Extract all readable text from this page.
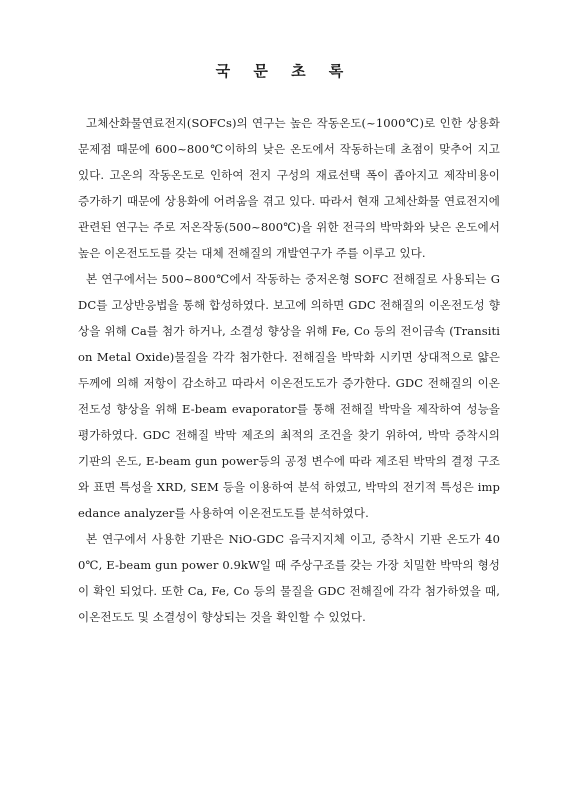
국 문 초 록

고체산화물연료전지(SOFCs)의 연구는 높은 작동온도(~1000℃)로 인한 상용화 문제점 때문에 600~800℃이하의 낮은 온도에서 작동하는데 초점이 맞추어 지고 있다. 고온의 작동온도로 인하여 전지 구성의 재료선택 폭이 좁아지고 제작비용이 증가하기 때문에 상용화에 어려움을 겪고 있다. 따라서 현재 고체산화물 연료전지에 관련된 연구는 주로 저온작동(500~800℃)을 위한 전극의 박막화와 낮은 온도에서 높은 이온전도도를 갖는 대체 전해질의 개발연구가 주를 이루고 있다.

본 연구에서는 500~800℃에서 작동하는 중저온형 SOFC 전해질로 사용되는 GDC를 고상반응법을 통해 합성하였다. 보고에 의하면 GDC 전해질의 이온전도성 향상을 위해 Ca를 첨가 하거나, 소결성 향상을 위해 Fe, Co 등의 전이금속 (Transition Metal Oxide)물질을 각각 첨가한다. 전해질을 박막화 시키면 상대적으로 얇은 두께에 의해 저항이 감소하고 따라서 이온전도도가 증가한다. GDC 전해질의 이온전도성 향상을 위해 E-beam evaporator를 통해 전해질 박막을 제작하여 성능을 평가하였다. GDC 전해질 박막 제조의 최적의 조건을 찾기 위하여, 박막 증착시의 기판의 온도, E-beam gun power등의 공정 변수에 따라 제조된 박막의 결정 구조와 표면 특성을 XRD, SEM 등을 이용하여 분석 하였고, 박막의 전기적 특성은 impedance analyzer를 사용하여 이온전도도를 분석하였다.

본 연구에서 사용한 기판은 NiO-GDC 음극지지체 이고, 증착시 기판 온도가 400℃, E-beam gun power 0.9kW일 때 주상구조를 갖는 가장 치밀한 박막의 형성이 확인 되었다. 또한 Ca, Fe, Co 등의 물질을 GDC 전해질에 각각 첨가하였을 때, 이온전도도 및 소결성이 향상되는 것을 확인할 수 있었다.
